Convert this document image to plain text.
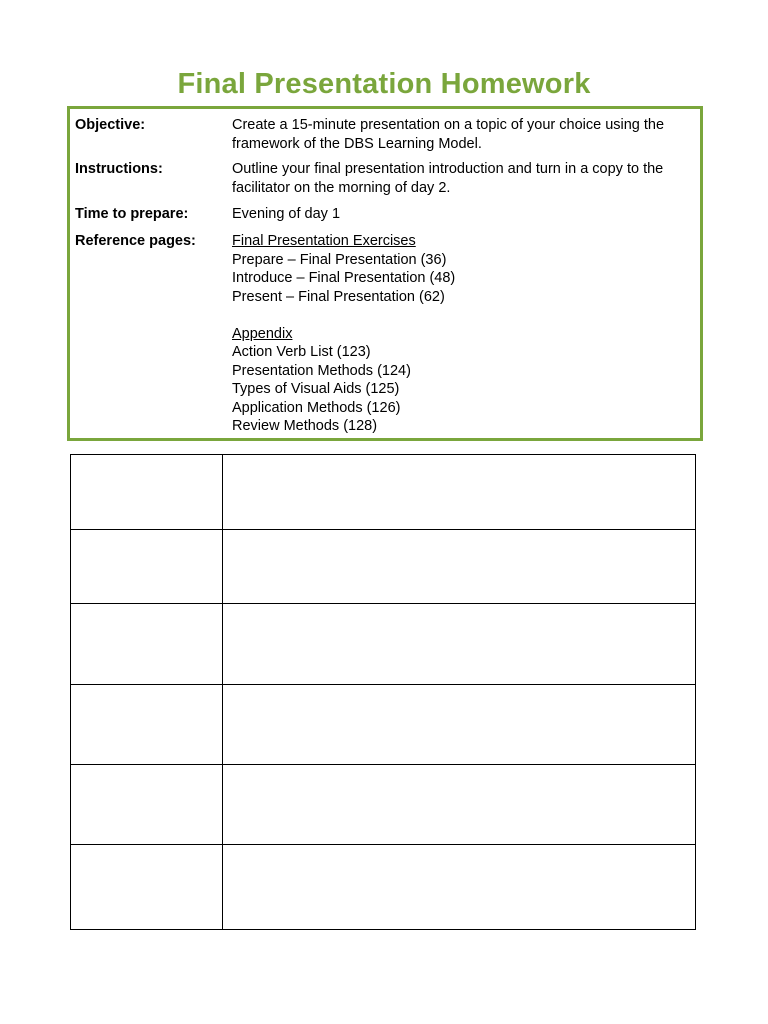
Final Presentation Homework
Objective:	Create a 15-minute presentation on a topic of your choice using the
framework of the DBS Learning Model.
Instructions:	Outline your final presentation introduction and turn in a copy to the
facilitator on the morning of day 2.
Time to prepare:	Evening of day 1
Reference pages: Final Presentation Exercises
Prepare – Final Presentation (36)
Introduce – Final Presentation (48)
Present – Final Presentation (62)
Appendix
Action Verb List (123)
Presentation Methods (124)
Types of Visual Aids (125)
Application Methods (126)
Review Methods (128)
